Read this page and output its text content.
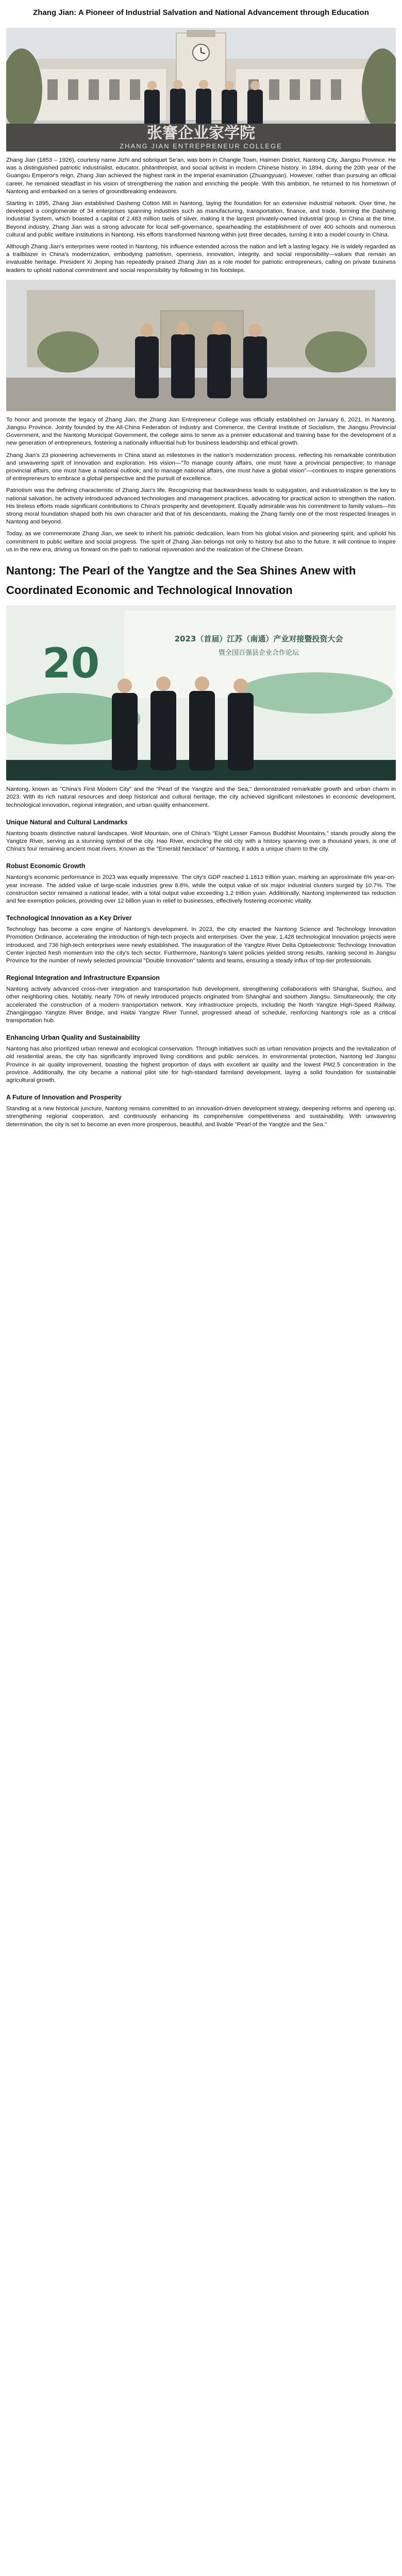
Zhang Jian: A Pioneer of Industrial Salvation and National Advancement through Education
张謇企业家学院
ZHANG JIAN ENTREPRENEUR COLLEGE
Zhang Jian (1853 – 1926), courtesy name Jizhi and sobriquet Se'an, was born in Changle Town, Haimen District, Nantong City, Jiangsu Province. He was a distinguished patriotic industrialist, educator, philanthropist, and social activist in modern Chinese history. In 1894, during the 20th year of the Guangxu Emperor's reign, Zhang Jian achieved the highest rank in the imperial examination (Zhuangyuan). However, rather than pursuing an official career, he remained steadfast in his vision of strengthening the nation and enriching the people. With this ambition, he returned to his hometown of Nantong and embarked on a series of groundbreaking endeavors.
Starting in 1895, Zhang Jian established Dasheng Cotton Mill in Nantong, laying the foundation for an extensive industrial network. Over time, he developed a conglomerate of 34 enterprises spanning industries such as manufacturing, transportation, finance, and trade, forming the Dasheng Industrial System, which boasted a capital of 2.483 million taels of silver, making it the largest privately-owned industrial group in China at the time. Beyond industry, Zhang Jian was a strong advocate for local self-governance, spearheading the establishment of over 400 schools and numerous cultural and public welfare institutions in Nantong. His efforts transformed Nantong within just three decades, turning it into a model county in China.
Although Zhang Jian's enterprises were rooted in Nantong, his influence extended across the nation and left a lasting legacy. He is widely regarded as a trailblazer in China's modernization, embodying patriotism, openness, innovation, integrity, and social responsibility—values that remain an invaluable heritage. President Xi Jinping has repeatedly praised Zhang Jian as a role model for patriotic entrepreneurs, calling on private business leaders to uphold national commitment and social responsibility by following in his footsteps.
To honor and promote the legacy of Zhang Jian, the Zhang Jian Entrepreneur College was officially established on January 6, 2021, in Nantong, Jiangsu Province. Jointly founded by the All-China Federation of Industry and Commerce, the Central Institute of Socialism, the Jiangsu Provincial Government, and the Nantong Municipal Government, the college aims to serve as a premier educational and training base for the development of a new generation of entrepreneurs, fostering a nationally influential hub for business leadership and ethical growth.
Zhang Jian's 23 pioneering achievements in China stand as milestones in the nation's modernization process, reflecting his remarkable contribution and unwavering spirit of innovation and exploration. His vision—"To manage county affairs, one must have a provincial perspective; to manage provincial affairs, one must have a national outlook; and to manage national affairs, one must have a global vision"—continues to inspire generations of entrepreneurs to embrace a global perspective and the pursuit of excellence.
Patriotism was the defining characteristic of Zhang Jian's life. Recognizing that backwardness leads to subjugation, and industrialization is the key to national salvation, he actively introduced advanced technologies and management practices, advocating for practical action to strengthen the nation. His tireless efforts made significant contributions to China's prosperity and development. Equally admirable was his commitment to family values—his strong moral foundation shaped both his own character and that of his descendants, making the Zhang family one of the most respected lineages in Nantong and beyond.
Today, as we commemorate Zhang Jian, we seek to inherit his patriotic dedication, learn from his global vision and pioneering spirit, and uphold his commitment to public welfare and social progress. The spirit of Zhang Jian belongs not only to history but also to the future. It will continue to inspire us in the new era, driving us forward on the path to national rejuvenation and the realization of the Chinese Dream.
Nantong: The Pearl of the Yangtze and the Sea Shines Anew with Coordinated Economic and Technological Innovation
20
2023（首届）江苏（南通）产业对接暨投资大会
暨全国百强县企业合作论坛
Nantong, known as "China's First Modern City" and the "Pearl of the Yangtze and the Sea," demonstrated remarkable growth and urban charm in 2023. With its rich natural resources and deep historical and cultural heritage, the city achieved significant milestones in economic development, technological innovation, regional integration, and urban quality enhancement.
Unique Natural and Cultural Landmarks
Nantong boasts distinctive natural landscapes. Wolf Mountain, one of China's "Eight Lesser Famous Buddhist Mountains," stands proudly along the Yangtze River, serving as a stunning symbol of the city. Hao River, encircling the old city with a history spanning over a thousand years, is one of China's four remaining ancient moat rivers. Known as the "Emerald Necklace" of Nantong, it adds a unique charm to the city.
Robust Economic Growth
Nantong's economic performance in 2023 was equally impressive. The city's GDP reached 1.1813 trillion yuan, marking an approximate 6% year-on-year increase. The added value of large-scale industries grew 8.8%, while the output value of six major industrial clusters surged by 10.7%. The construction sector remained a national leader, with a total output value exceeding 1.2 trillion yuan. Additionally, Nantong implemented tax reduction and fee exemption policies, providing over 12 billion yuan in relief to businesses, effectively fostering economic vitality.
Technological Innovation as a Key Driver
Technology has become a core engine of Nantong's development. In 2023, the city enacted the Nantong Science and Technology Innovation Promotion Ordinance, accelerating the introduction of high-tech projects and enterprises. Over the year, 1,428 technological innovation projects were introduced, and 736 high-tech enterprises were newly established. The inauguration of the Yangtze River Delta Optoelectronic Technology Innovation Center injected fresh momentum into the city's tech sector. Furthermore, Nantong's talent policies yielded strong results, ranking second in Jiangsu Province for the number of newly selected provincial "Double Innovation" talents and teams, ensuring a steady influx of top-tier professionals.
Regional Integration and Infrastructure Expansion
Nantong actively advanced cross-river integration and transportation hub development, strengthening collaborations with Shanghai, Suzhou, and other neighboring cities. Notably, nearly 70% of newly introduced projects originated from Shanghai and southern Jiangsu. Simultaneously, the city accelerated the construction of a modern transportation network. Key infrastructure projects, including the North Yangtze High-Speed Railway, Zhangjinggao Yangtze River Bridge, and Haitai Yangtze River Tunnel, progressed ahead of schedule, reinforcing Nantong's role as a critical transportation hub.
Enhancing Urban Quality and Sustainability
Nantong has also prioritized urban renewal and ecological conservation. Through initiatives such as urban renovation projects and the revitalization of old residential areas, the city has significantly improved living conditions and public services. In environmental protection, Nantong led Jiangsu Province in air quality improvement, boasting the highest proportion of days with excellent air quality and the lowest PM2.5 concentration in the province. Additionally, the city became a national pilot site for high-standard farmland development, laying a solid foundation for sustainable agricultural growth.
A Future of Innovation and Prosperity
Standing at a new historical juncture, Nantong remains committed to an innovation-driven development strategy, deepening reforms and opening up, strengthening regional cooperation, and continuously enhancing its comprehensive competitiveness and sustainability. With unwavering determination, the city is set to become an even more prosperous, beautiful, and livable "Pearl of the Yangtze and the Sea."
